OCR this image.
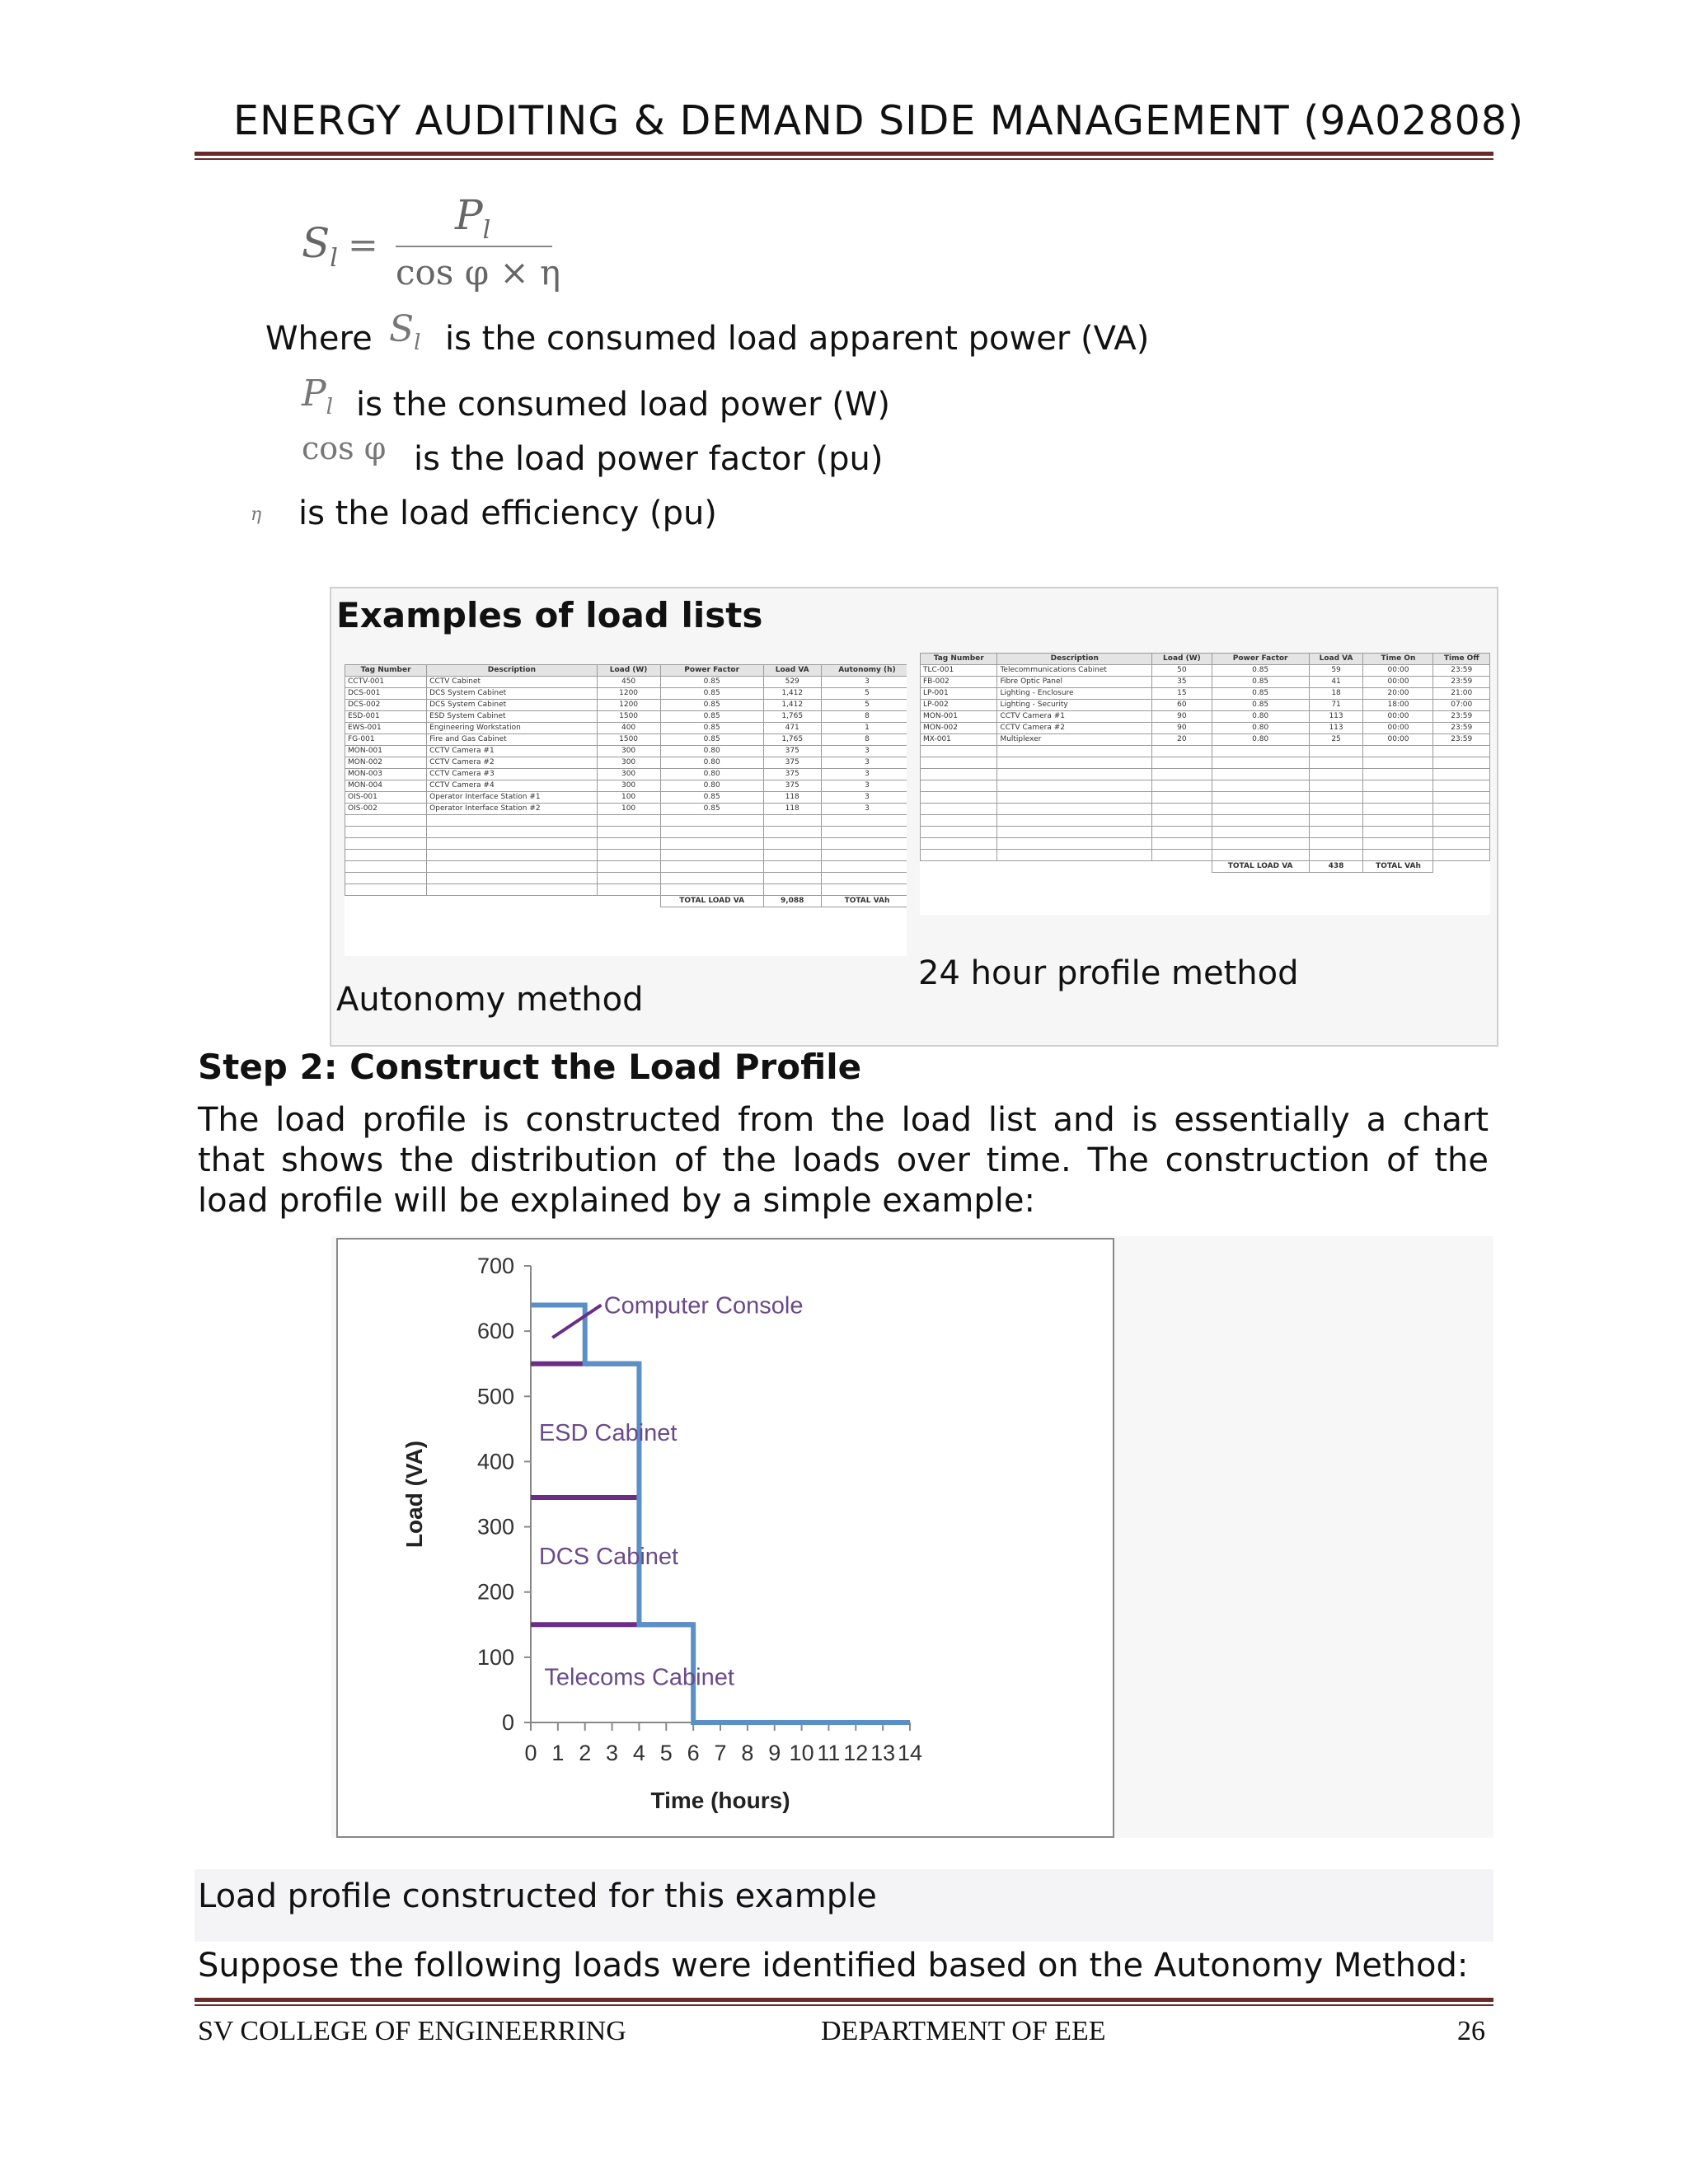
ENERGY AUDITING & DEMAND SIDE MANAGEMENT (9A02808)
$S_l$ =
$P_l$
cos φ × η
Where $S_l$ is the consumed load apparent power (VA)
$P_l$ is the consumed load power (W)
cos φ is the load power factor (pu)
η is the load efficiency (pu)
Examples of load lists
Tag Number	Description	Load (W)	Power Factor	Load VA	Autonomy (h)	
CCTV-001	CCTV Cabinet	450	0.85	529	3	
DCS-001	DCS System Cabinet	1200	0.85	1,412	5	
DCS-002	DCS System Cabinet	1200	0.85	1,412	5	
ESD-001	ESD System Cabinet	1500	0.85	1,765	8	
EWS-001	Engineering Workstation	400	0.85	471	1	
FG-001	Fire and Gas Cabinet	1500	0.85	1,765	8	
MON-001	CCTV Camera #1	300	0.80	375	3	
MON-002	CCTV Camera #2	300	0.80	375	3	
MON-003	CCTV Camera #3	300	0.80	375	3	
MON-004	CCTV Camera #4	300	0.80	375	3	
OIS-001	Operator Interface Station #1	100	0.85	118	3	
OIS-002	Operator Interface Station #2	100	0.85	118	3	

			TOTAL LOAD VA	9,088	TOTAL VAh	
Autonomy method
Tag Number	Description	Load (W)	Power Factor	Load VA	Time On	Time Off
TLC-001	Telecommunications Cabinet	50	0.85	59	00:00	23:59
FB-002	Fibre Optic Panel	35	0.85	41	00:00	23:59
LP-001	Lighting - Enclosure	15	0.85	18	20:00	21:00
LP-002	Lighting - Security	60	0.85	71	18:00	07:00
MON-001	CCTV Camera #1	90	0.80	113	00:00	23:59
MON-002	CCTV Camera #2	90	0.80	113	00:00	23:59
MX-001	Multiplexer	20	0.80	25	00:00	23:59

			TOTAL LOAD VA	438	TOTAL VAh	
24 hour profile method
Step 2: Construct the Load Profile
The load profile is constructed from the load list and is essentially a chart that shows the distribution of the loads over time. The construction of the load profile will be explained by a simple example:
0
100
200
300
400
500
600
700
0 1 2 3 4 5 6 7 8 9 10 11 12 13 14
Time (hours)
Load (VA)
Computer Console
ESD Cabinet
DCS Cabinet
Telecoms Cabinet
Load profile constructed for this example
Suppose the following loads were identified based on the Autonomy Method:
SV COLLEGE OF ENGINEERRING	DEPARTMENT OF EEE	26
